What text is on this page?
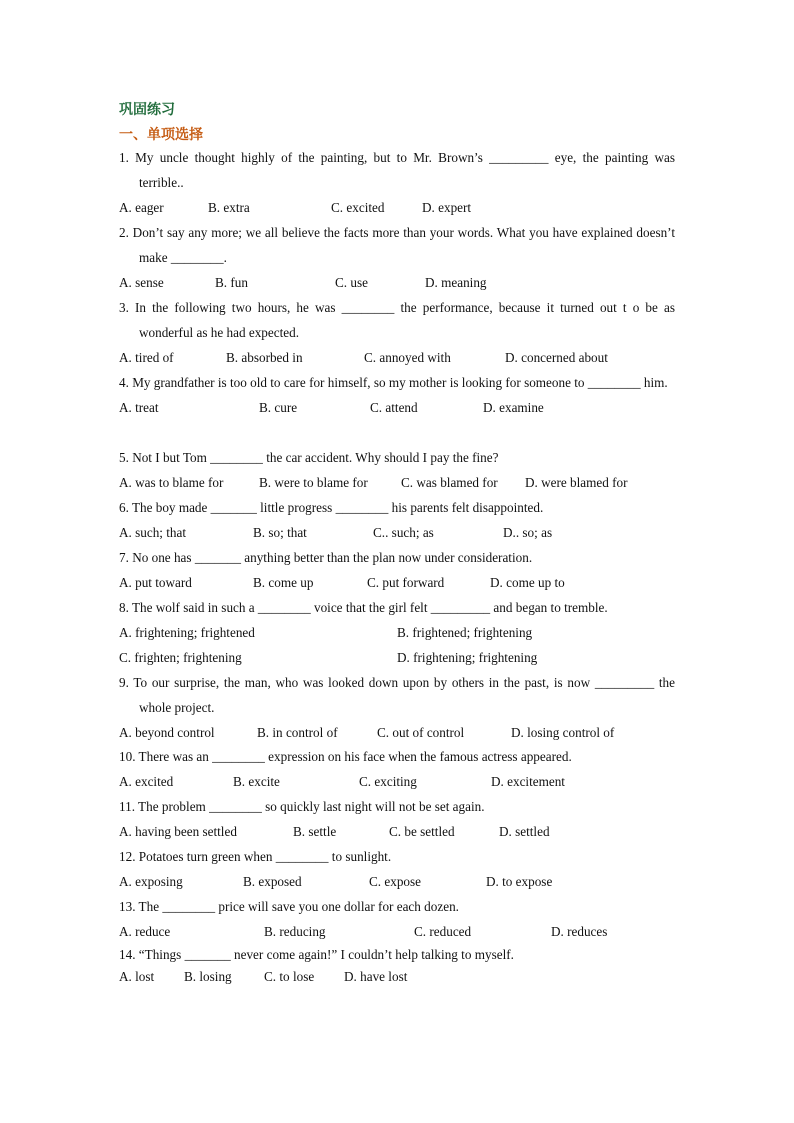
巩固练习
一、单项选择
1. My uncle thought highly of the painting, but to Mr. Brown’s _________ eye, the painting was terrible..
A. eager	B. extra	C. excited	D. expert
2. Don’t say any more; we all believe the facts more than your words. What you have explained doesn’t make ________.
A. sense	B. fun	C. use	D. meaning
3. In the following two hours, he was ________ the performance, because it turned out t o be as wonderful as he had expected.
A. tired of	B. absorbed in	C. annoyed with	D. concerned about
4. My grandfather is too old to care for himself, so my mother is looking for someone to ________ him.
A. treat	B. cure	C. attend	D. examine
5. Not I but Tom ________ the car accident. Why should I pay the fine?
A. was to blame for	B. were to blame for	C. was blamed for D. were blamed for
6. The boy made _______ little progress ________ his parents felt disappointed.
A. such; that	B. so; that	C.. such; as	D.. so; as
7. No one has _______ anything better than the plan now under consideration.
A. put toward	B. come up	C. put forward	D. come up to
8. The wolf said in such a ________ voice that the girl felt _________ and began to tremble.
A. frightening; frightened	B. frightened; frightening
C. frighten; frightening	D. frightening; frightening
9. To our surprise, the man, who was looked down upon by others in the past, is now _________ the whole project.
A. beyond control	B. in control of	C. out of control	D. losing control of
10. There was an ________ expression on his face when the famous actress appeared.
A. excited	B. excite	C. exciting	D. excitement
11. The problem ________ so quickly last night will not be set again.
A. having been settled	B. settle	C. be settled	D. settled
12. Potatoes turn green when ________ to sunlight.
A. exposing	B. exposed	C. expose	D. to expose
13. The ________ price will save you one dollar for each dozen.
A. reduce	B. reducing	C. reduced	D. reduces
14. “Things _______ never come again!” I couldn’t help talking to myself.
A. lost B. losing C. to lose D. have lost
